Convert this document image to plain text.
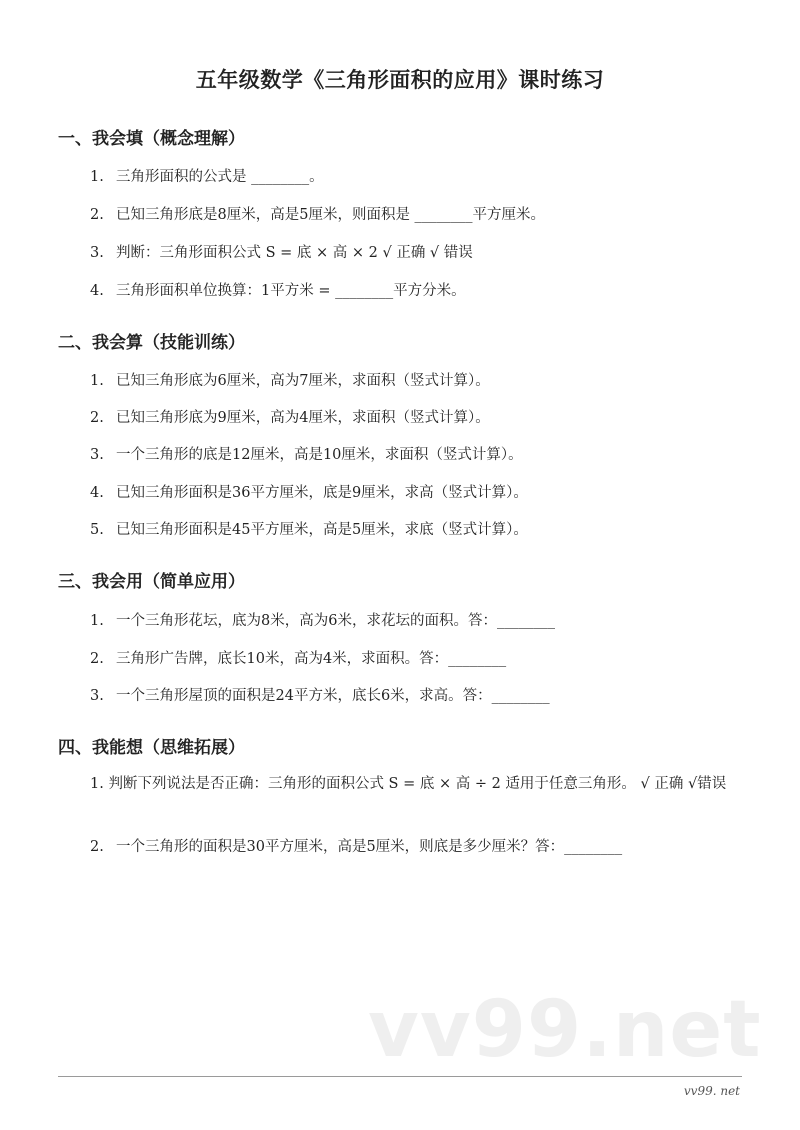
五年级数学《三角形面积的应用》课时练习
一、我会填（概念理解）
1. 三角形面积的公式是 ________。
2. 已知三角形底是8厘米，高是5厘米，则面积是 ________平方厘米。
3. 判断：三角形面积公式 S = 底 × 高 × 2 √ 正确 √ 错误
4. 三角形面积单位换算：1平方米 = ________平方分米。
二、我会算（技能训练）
1. 已知三角形底为6厘米，高为7厘米，求面积（竖式计算）。
2. 已知三角形底为9厘米，高为4厘米，求面积（竖式计算）。
3. 一个三角形的底是12厘米，高是10厘米，求面积（竖式计算）。
4. 已知三角形面积是36平方厘米，底是9厘米，求高（竖式计算）。
5. 已知三角形面积是45平方厘米，高是5厘米，求底（竖式计算）。
三、我会用（简单应用）
1. 一个三角形花坛，底为8米，高为6米，求花坛的面积。答：________
2. 三角形广告牌，底长10米，高为4米，求面积。答：________
3. 一个三角形屋顶的面积是24平方米，底长6米，求高。答：________
四、我能想（思维拓展）
1. 判断下列说法是否正确：三角形的面积公式 S = 底 × 高 ÷ 2 适用于任意三角形。 √ 正确 √错误
2. 一个三角形的面积是30平方厘米，高是5厘米，则底是多少厘米？答：________
vv99.net
vv99. net
